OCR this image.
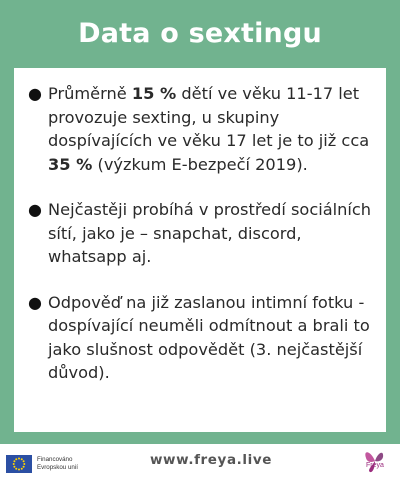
Data o sextingu
● Průměrně 15 % dětí ve věku 11-17 let provozuje sexting, u skupiny dospívajících ve věku 17 let je to již cca 35 % (výzkum E-bezpečí 2019).
● Nejčastěji probíhá v prostředí sociálních sítí, jako je – snapchat, discord, whatsapp aj.
● Odpověď na již zaslanou intimní fotku - dospívající neuměli odmítnout a brali to jako slušnost odpovědět (3. nejčastější důvod).
Financováno
Evropskou unií	www.freya.live	Freya
